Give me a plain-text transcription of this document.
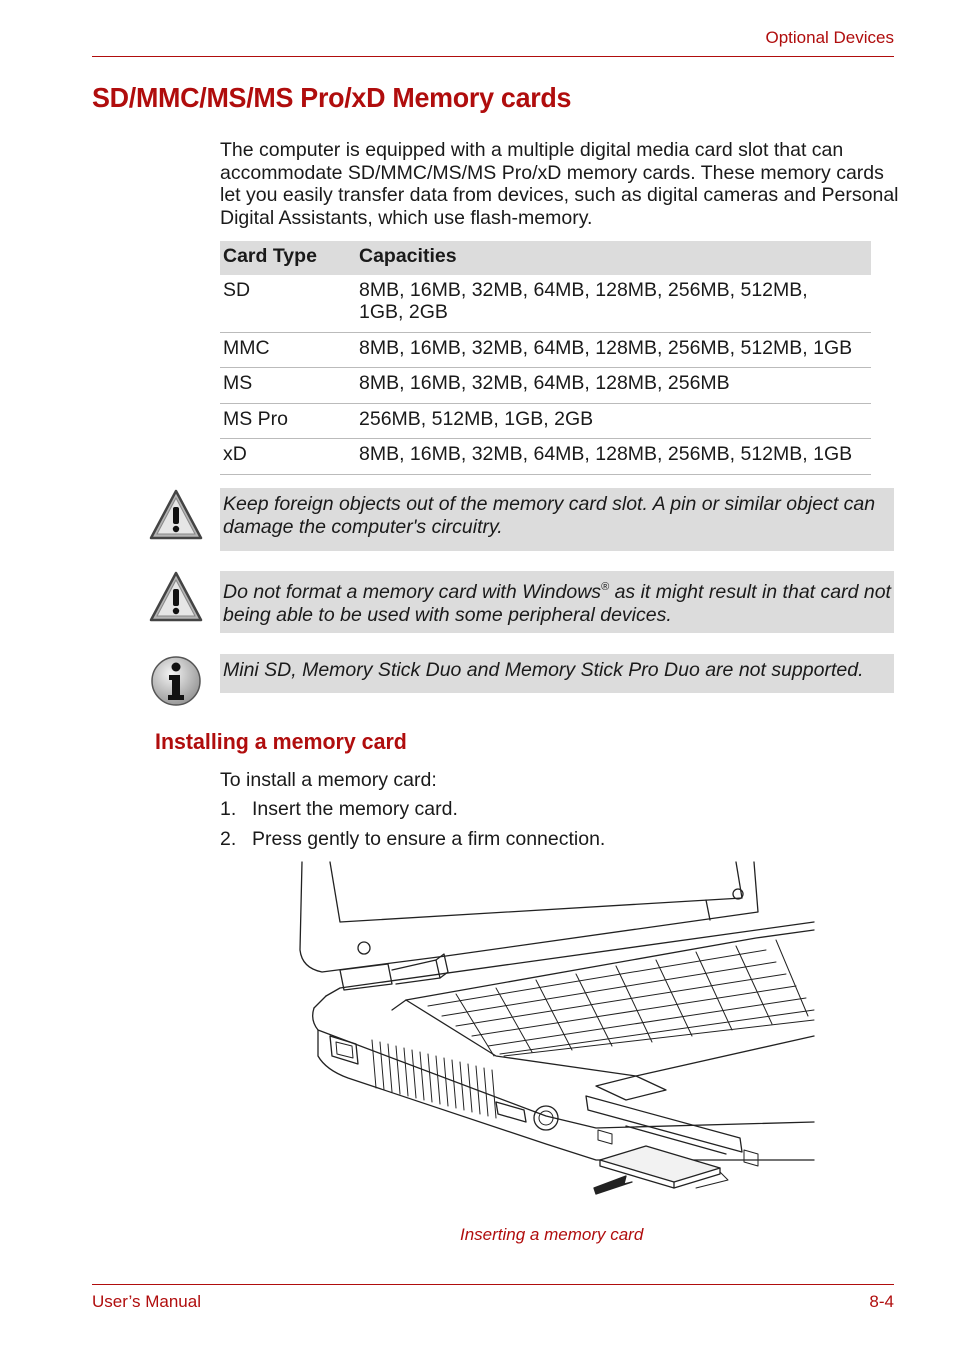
Optional Devices
SD/MMC/MS/MS Pro/xD Memory cards

The computer is equipped with a multiple digital media card slot that can accommodate SD/MMC/MS/MS Pro/xD memory cards. These memory cards let you easily transfer data from devices, such as digital cameras and Personal Digital Assistants, which use flash-memory.

Card Type	Capacities
SD	8MB, 16MB, 32MB, 64MB, 128MB, 256MB, 512MB, 1GB, 2GB
MMC	8MB, 16MB, 32MB, 64MB, 128MB, 256MB, 512MB, 1GB
MS	8MB, 16MB, 32MB, 64MB, 128MB, 256MB
MS Pro	256MB, 512MB, 1GB, 2GB
xD	8MB, 16MB, 32MB, 64MB, 128MB, 256MB, 512MB, 1GB
Keep foreign objects out of the memory card slot. A pin or similar object can damage the computer's circuitry.
Do not format a memory card with Windows® as it might result in that card not being able to be used with some peripheral devices.
Mini SD, Memory Stick Duo and Memory Stick Pro Duo are not supported.
Installing a memory card
To install a memory card:
1. Insert the memory card.
2. Press gently to ensure a firm connection.
Inserting a memory card
User’s Manual	8-4
